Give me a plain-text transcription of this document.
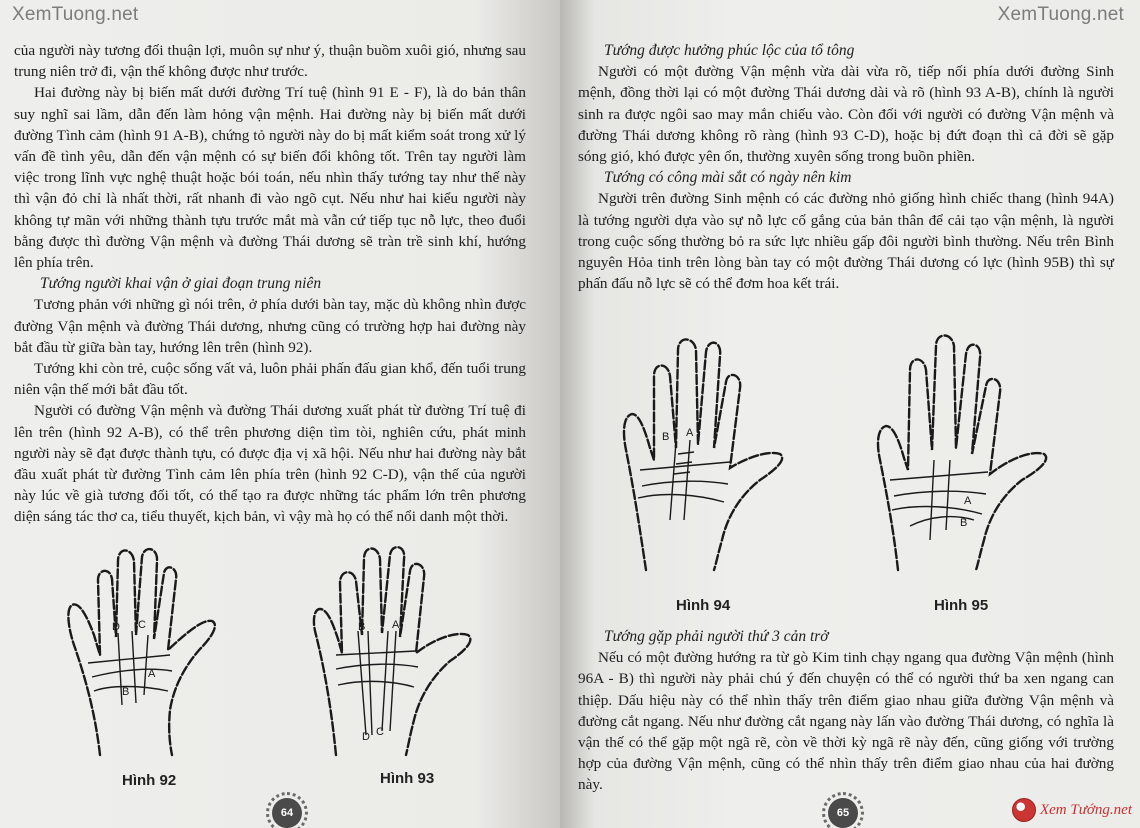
XemTuong.net

của người này tương đối thuận lợi, muôn sự như ý, thuận buồm xuôi gió, nhưng sau trung niên trở đi, vận thế không được như trước.

Hai đường này bị biến mất dưới đường Trí tuệ (hình 91 E - F), là do bản thân suy nghĩ sai lầm, dẫn đến làm hỏng vận mệnh. Hai đường này bị biến mất dưới đường Tình cảm (hình 91 A-B), chứng tỏ người này do bị mất kiểm soát trong xử lý vấn đề tình yêu, dẫn đến vận mệnh có sự biến đổi không tốt. Trên tay người làm việc trong lĩnh vực nghệ thuật hoặc bói toán, nếu nhìn thấy tướng tay như thế này thì vận đỏ chỉ là nhất thời, rất nhanh đi vào ngõ cụt. Nếu như hai kiểu người này không tự mãn với những thành tựu trước mắt mà vẫn cứ tiếp tục nỗ lực, theo đuổi bằng được thì đường Vận mệnh và đường Thái dương sẽ tràn trề sinh khí, hướng lên phía trên.

Tướng người khai vận ở giai đoạn trung niên

Tương phản với những gì nói trên, ở phía dưới bàn tay, mặc dù không nhìn được đường Vận mệnh và đường Thái dương, nhưng cũng có trường hợp hai đường này bắt đầu từ giữa bàn tay, hướng lên trên (hình 92).

Tướng khi còn trẻ, cuộc sống vất vả, luôn phải phấn đấu gian khổ, đến tuổi trung niên vận thế mới bắt đầu tốt.

Người có đường Vận mệnh và đường Thái dương xuất phát từ đường Trí tuệ đi lên trên (hình 92 A-B), có thể trên phương diện tìm tòi, nghiên cứu, phát minh người này sẽ đạt được thành tựu, có được địa vị xã hội. Nếu như hai đường này bắt đầu xuất phát từ đường Tình cảm lên phía trên (hình 92 C-D), vận thế của người này lúc về già tương đối tốt, có thể tạo ra được những tác phẩm lớn trên phương diện sáng tác thơ ca, tiểu thuyết, kịch bản, vì vậy mà họ có thể nổi danh một thời.

D C
B
A
Hình 92
B A
D C
Hình 93
64
XemTuong.net
Tướng được hưởng phúc lộc của tổ tông

Người có một đường Vận mệnh vừa dài vừa rõ, tiếp nối phía dưới đường Sinh mệnh, đồng thời lại có một đường Thái dương dài và rõ (hình 93 A-B), chính là người sinh ra được ngôi sao may mắn chiếu vào. Còn đối với người có đường Vận mệnh và đường Thái dương không rõ ràng (hình 93 C-D), hoặc bị đứt đoạn thì cả đời sẽ gặp sóng gió, khó được yên ổn, thường xuyên sống trong buồn phiền.

Tướng có công mài sắt có ngày nên kim

Người trên đường Sinh mệnh có các đường nhỏ giống hình chiếc thang (hình 94A) là tướng người dựa vào sự nỗ lực cố gắng của bản thân để cải tạo vận mệnh, là người trong cuộc sống thường bỏ ra sức lực nhiều gấp đôi người bình thường. Nếu trên Bình nguyên Hỏa tinh trên lòng bàn tay có một đường Thái dương có lực (hình 95B) thì sự phấn đấu nỗ lực sẽ có thể đơm hoa kết trái.

B A
Hình 94
A
B
Hình 95
Tướng gặp phải người thứ 3 cản trở

Nếu có một đường hướng ra từ gò Kim tinh chạy ngang qua đường Vận mệnh (hình 96A - B) thì người này phải chú ý đến chuyện có thể có người thứ ba xen ngang can thiệp. Dấu hiệu này có thể nhìn thấy trên điểm giao nhau giữa đường Vận mệnh và đường cắt ngang. Nếu như đường cắt ngang này lấn vào đường Thái dương, có nghĩa là vận thế có thể gặp một ngã rẽ, còn về thời kỳ ngã rẽ này đến, cũng giống với trường hợp của đường Vận mệnh, cũng có thể nhìn thấy trên điểm giao nhau của hai đường này.

65	Xem Tướng.net
